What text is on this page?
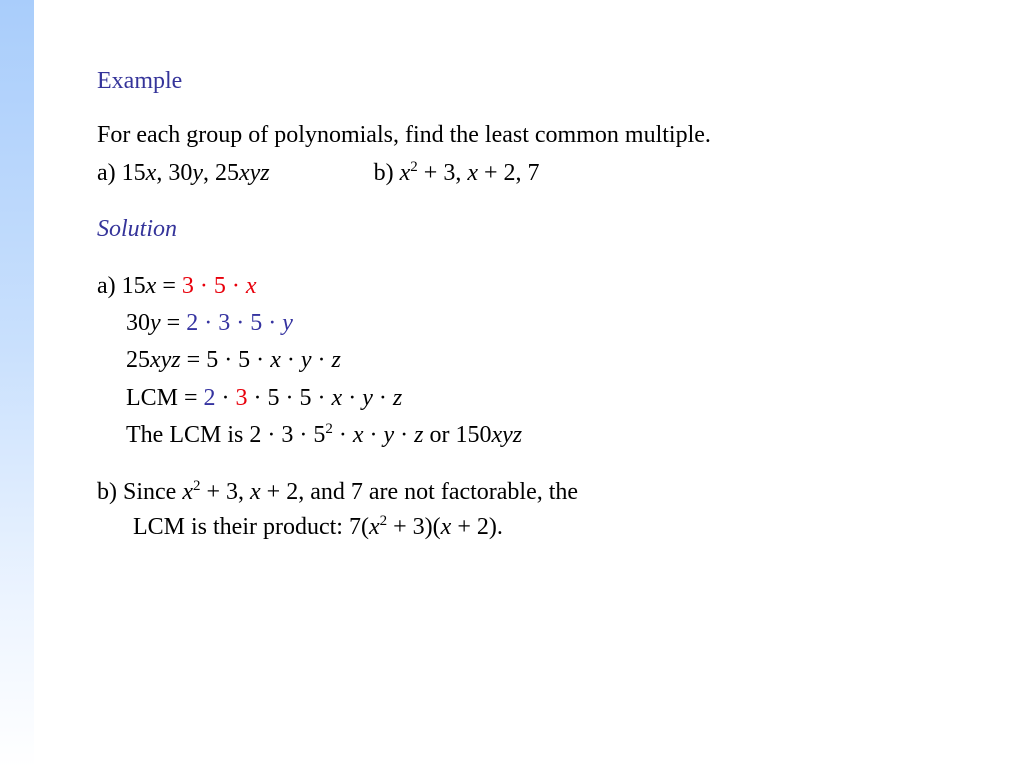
Example
For each group of polynomials, find the least common multiple.
a) 15x, 30y, 25xyz	b) $x^2 + 3$, x + 2, 7
Solution
a) 15x = 3 · 5 · x
30y = 2 · 3 · 5 · y
25xyz = 5 · 5 · x · y · z
LCM = 2 · 3 · 5 · 5 · x · y · z
The LCM is $2 \cdot 3 \cdot 5^2 \cdot x \cdot y \cdot z$ or 150xyz
b) Since $x^2 + 3$, x + 2, and 7 are not factorable, the
LCM is their product: $7(x^2 + 3)(x + 2)$.
